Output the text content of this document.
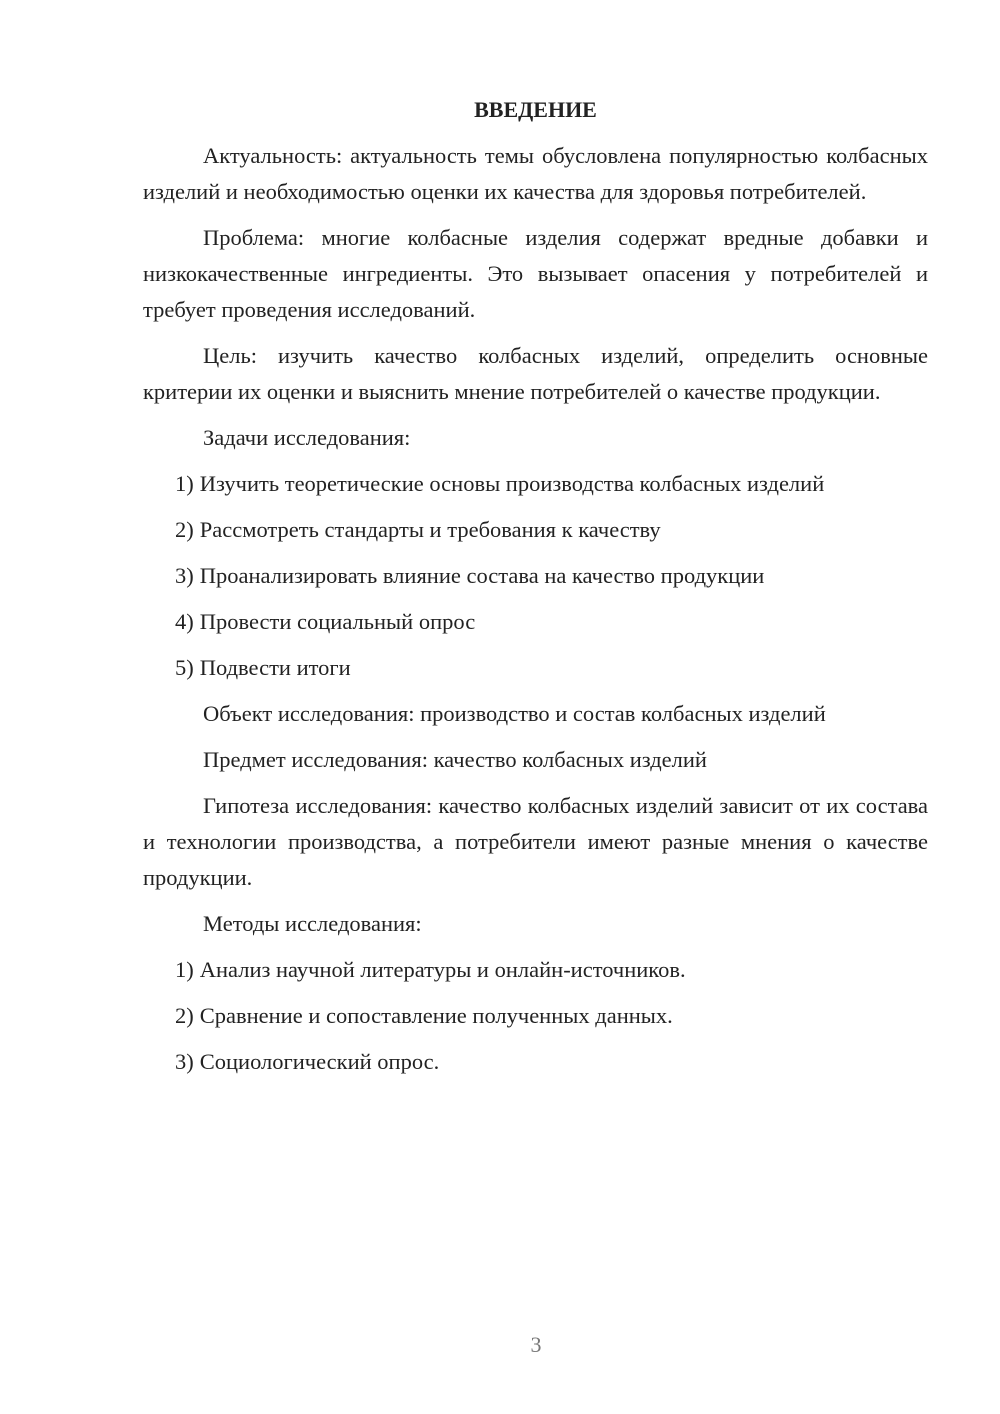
ВВЕДЕНИЕ

Актуальность: актуальность темы обусловлена популярностью колбасных изделий и необходимостью оценки их качества для здоровья потребителей.

Проблема: многие колбасные изделия содержат вредные добавки и низкокачественные ингредиенты. Это вызывает опасения у потребителей и требует проведения исследований.

Цель: изучить качество колбасных изделий, определить основные критерии их оценки и выяснить мнение потребителей о качестве продукции.

Задачи исследования:

1) Изучить теоретические основы производства колбасных изделий
2) Рассмотреть стандарты и требования к качеству
3) Проанализировать влияние состава на качество продукции
4) Провести социальный опрос
5) Подвести итоги

Объект исследования: производство и состав колбасных изделий

Предмет исследования: качество колбасных изделий

Гипотеза исследования: качество колбасных изделий зависит от их состава и технологии производства, а потребители имеют разные мнения о качестве продукции.

Методы исследования:

1) Анализ научной литературы и онлайн-источников.
2) Сравнение и сопоставление полученных данных.
3) Социологический опрос.
3
